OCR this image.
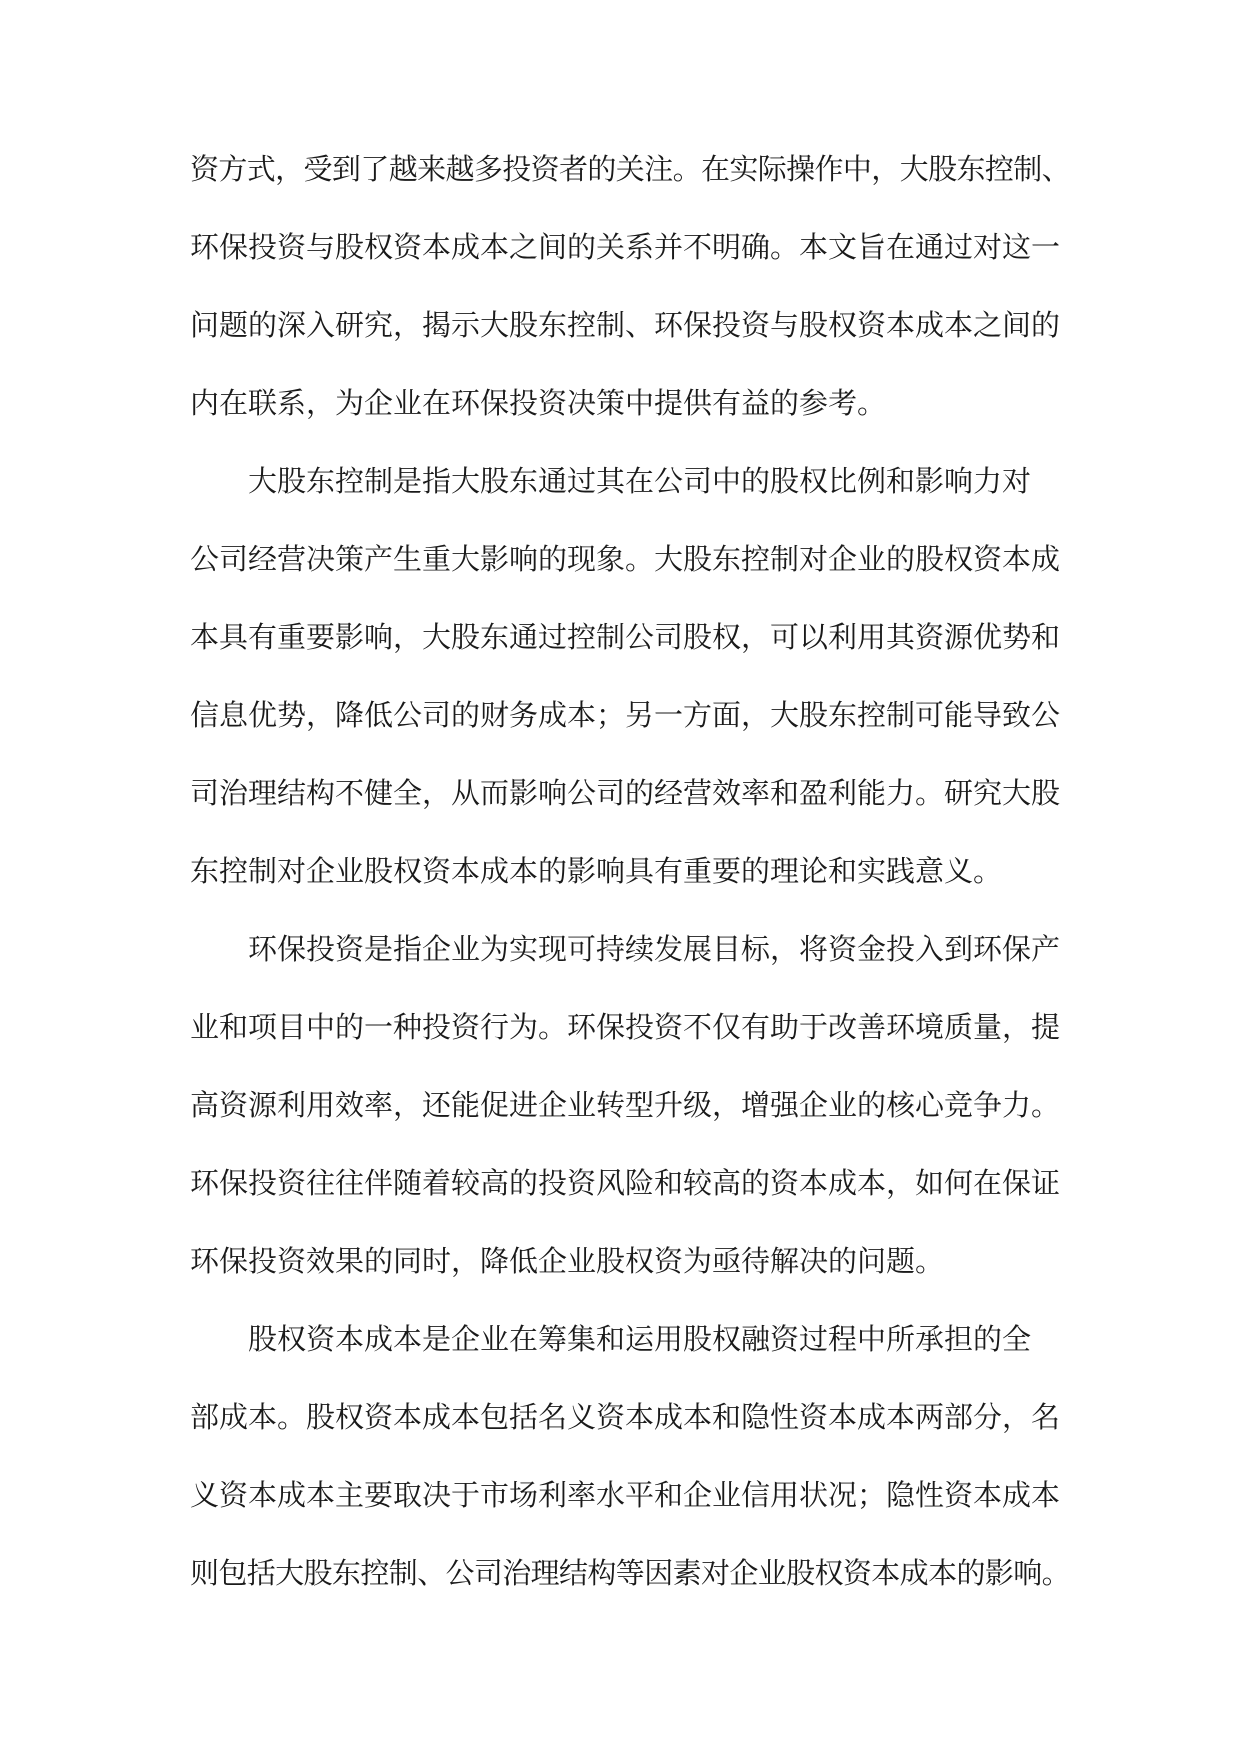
资方式，受到了越来越多投资者的关注。在实际操作中，大股东控制、
环保投资与股权资本成本之间的关系并不明确。本文旨在通过对这一
问题的深入研究，揭示大股东控制、环保投资与股权资本成本之间的
内在联系，为企业在环保投资决策中提供有益的参考。
大股东控制是指大股东通过其在公司中的股权比例和影响力对
公司经营决策产生重大影响的现象。大股东控制对企业的股权资本成
本具有重要影响，大股东通过控制公司股权，可以利用其资源优势和
信息优势，降低公司的财务成本；另一方面，大股东控制可能导致公
司治理结构不健全，从而影响公司的经营效率和盈利能力。研究大股
东控制对企业股权资本成本的影响具有重要的理论和实践意义。
环保投资是指企业为实现可持续发展目标，将资金投入到环保产
业和项目中的一种投资行为。环保投资不仅有助于改善环境质量，提
高资源利用效率，还能促进企业转型升级，增强企业的核心竞争力。
环保投资往往伴随着较高的投资风险和较高的资本成本，如何在保证
环保投资效果的同时，降低企业股权资为亟待解决的问题。
股权资本成本是企业在筹集和运用股权融资过程中所承担的全
部成本。股权资本成本包括名义资本成本和隐性资本成本两部分，名
义资本成本主要取决于市场利率水平和企业信用状况；隐性资本成本
则包括大股东控制、公司治理结构等因素对企业股权资本成本的影响。
